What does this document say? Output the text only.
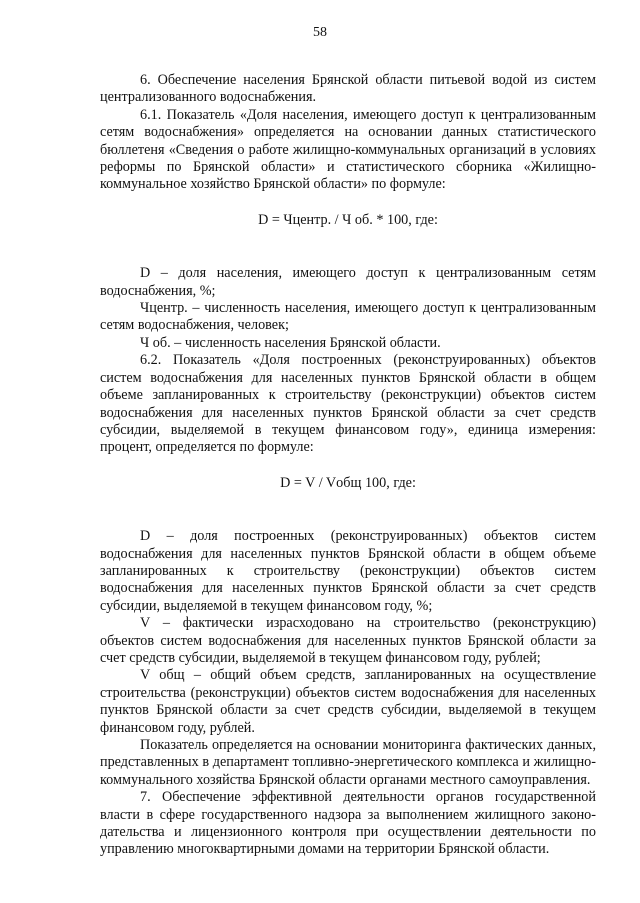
58

6. Обеспечение населения Брянской области питьевой водой из систем централизованного водоснабжения.

6.1. Показатель «Доля населения, имеющего доступ к централизованным сетям водоснабжения» определяется на основании данных статистического бюллетеня «Сведения о работе жилищно-коммунальных организаций в условиях реформы по Брянской области» и статистического сборника «Жилищно-коммунальное хозяйство Брянской области» по формуле:

D = Чцентр. / Ч об. * 100, где:

D – доля населения, имеющего доступ к централизованным сетям водоснабжения, %;

Чцентр. – численность населения, имеющего доступ к централизованным сетям водоснабжения, человек;

Ч об. – численность населения Брянской области.

6.2. Показатель «Доля построенных (реконструированных) объектов систем водоснабжения для населенных пунктов Брянской области в общем объеме запланированных к строительству (реконструкции) объектов систем водоснабжения для населенных пунктов Брянской области за счет средств субсидии, выделяемой в текущем финансовом году», единица измерения: процент, определяется по формуле:

D = V / Vобщ 100, где:

D – доля построенных (реконструированных) объектов систем водоснабжения для населенных пунктов Брянской области в общем объеме запланированных к строительству (реконструкции) объектов систем водоснабжения для населенных пунктов Брянской области за счет средств субсидии, выделяемой в текущем финансовом году, %;

V – фактически израсходовано на строительство (реконструкцию) объектов систем водоснабжения для населенных пунктов Брянской области за счет средств субсидии, выделяемой в текущем финансовом году, рублей;

V общ – общий объем средств, запланированных на осуществление строительства (реконструкции) объектов систем водоснабжения для населенных пунктов Брянской области за счет средств субсидии, выделяемой в текущем финансовом году, рублей.

Показатель определяется на основании мониторинга фактических данных, представленных в департамент топливно-энергетического комплекса и жилищно-коммунального хозяйства Брянской области органами местного самоуправления.

7. Обеспечение эффективной деятельности органов государственной власти в сфере государственного надзора за выполнением жилищного законодательства и лицензионного контроля при осуществлении деятельности по управлению многоквартирными домами на территории Брянской области.
